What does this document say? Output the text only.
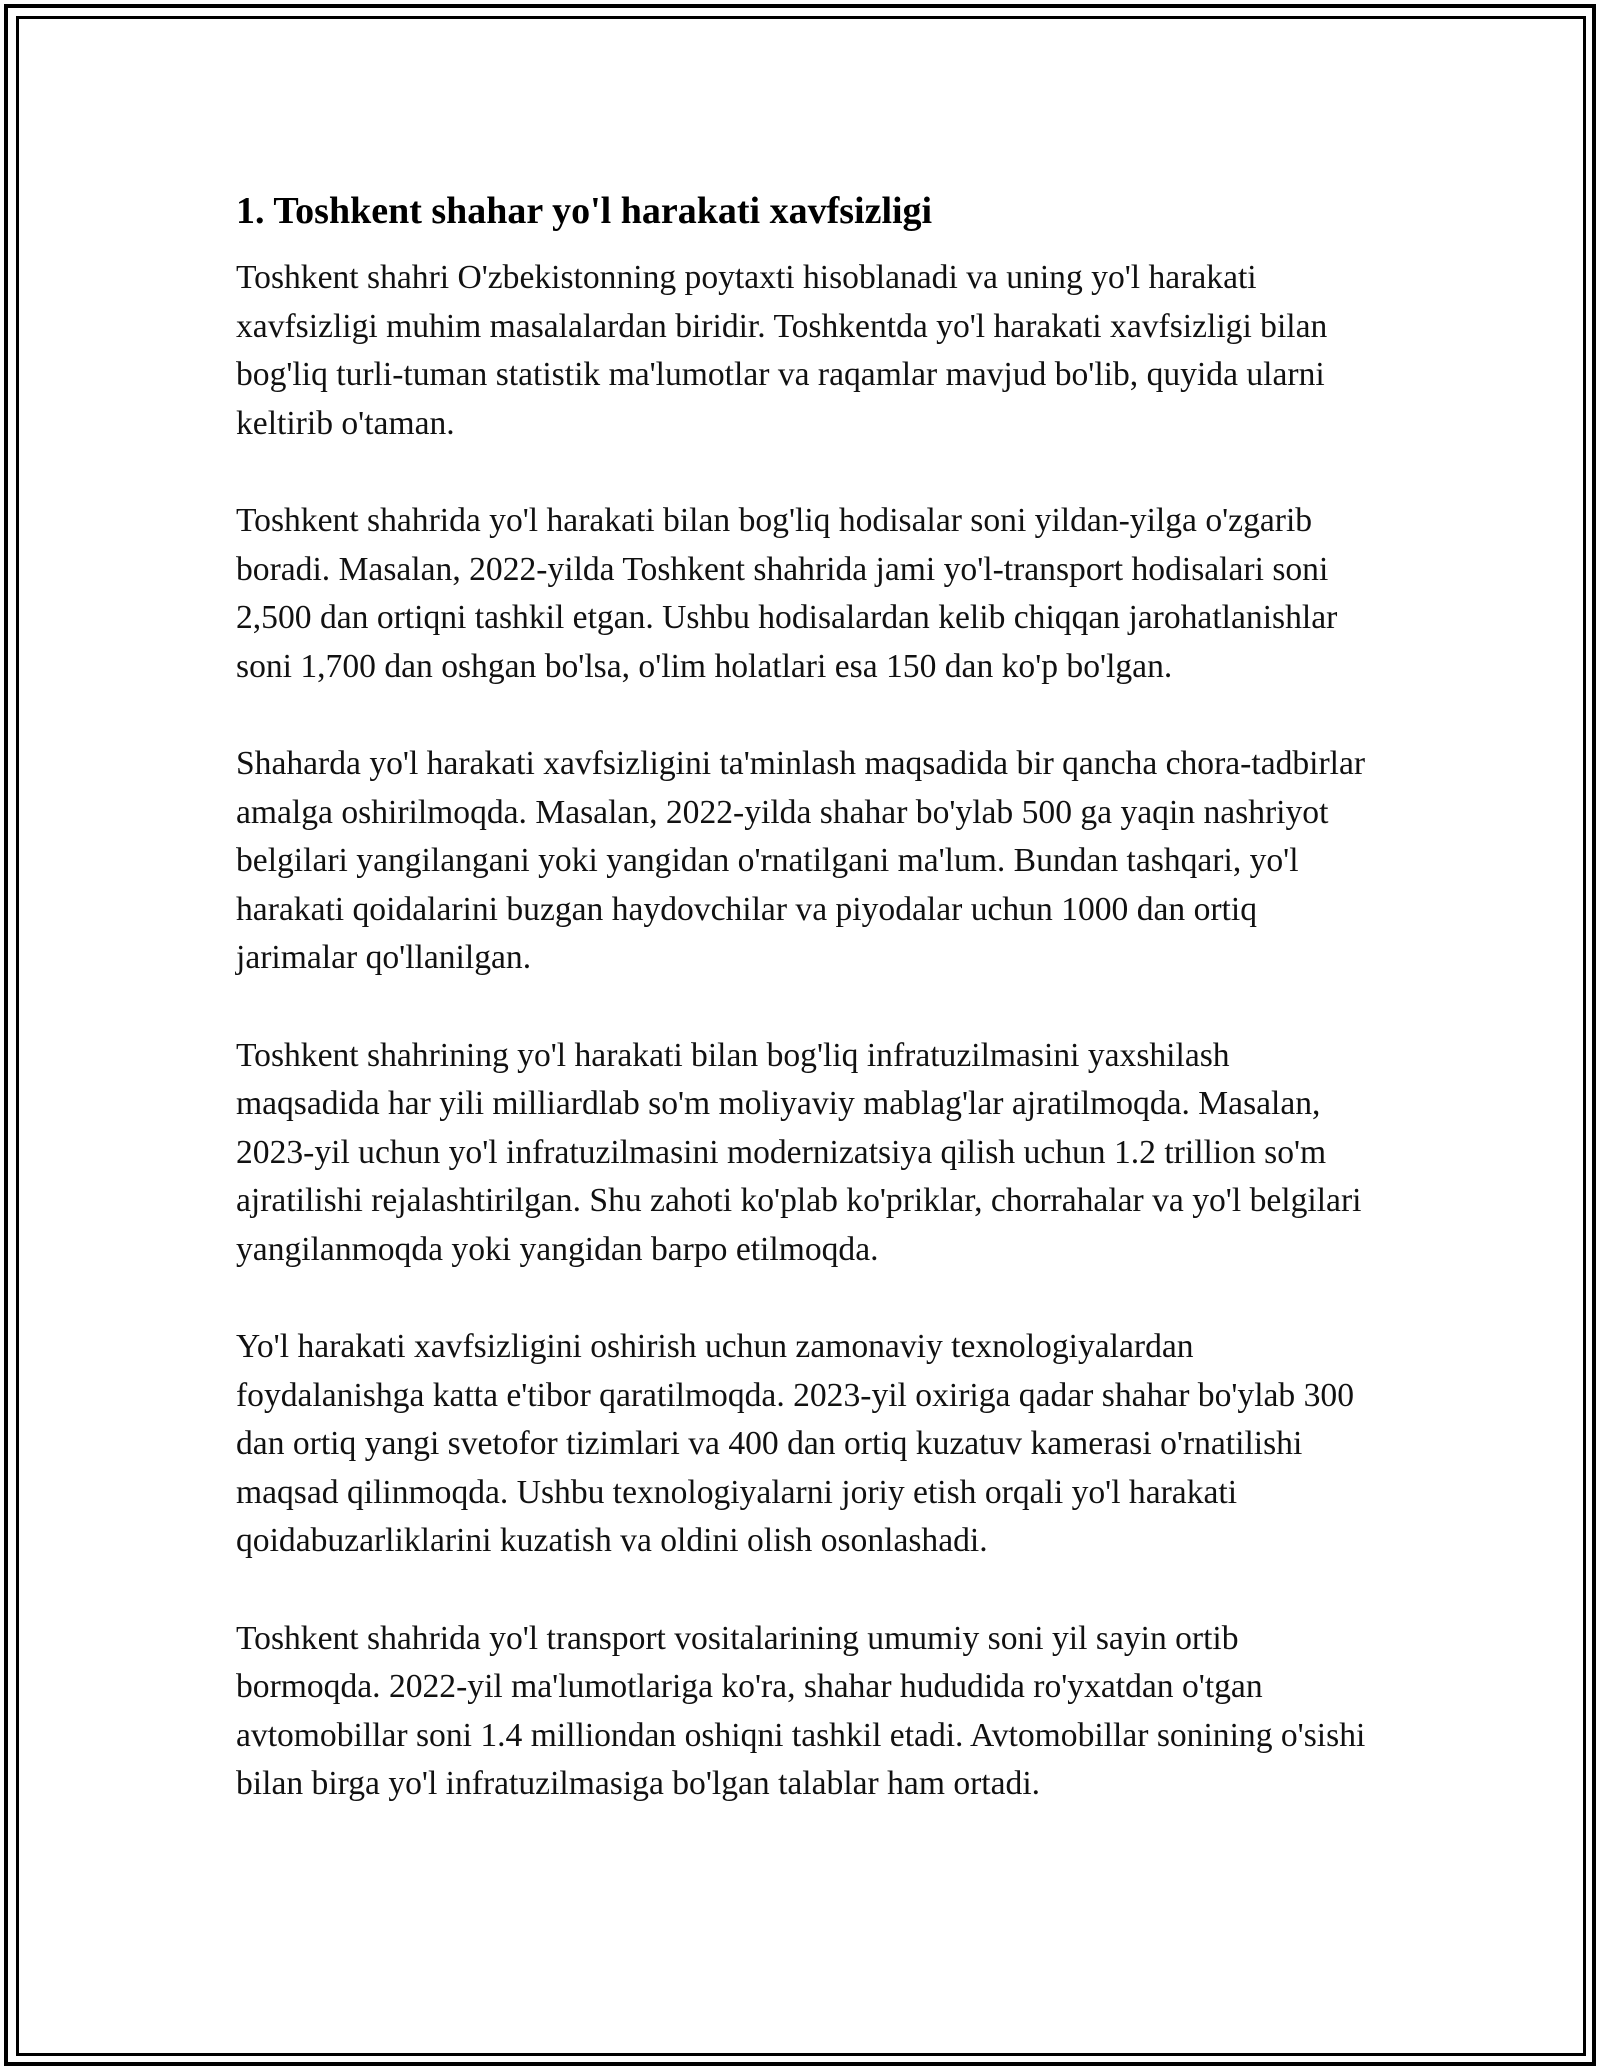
1. Toshkent shahar yo'l harakati xavfsizligi

Toshkent shahri O'zbekistonning poytaxti hisoblanadi va uning yo'l harakati xavfsizligi muhim masalalardan biridir. Toshkentda yo'l harakati xavfsizligi bilan bog'liq turli-tuman statistik ma'lumotlar va raqamlar mavjud bo'lib, quyida ularni keltirib o'taman.

Toshkent shahrida yo'l harakati bilan bog'liq hodisalar soni yildan-yilga o'zgarib boradi. Masalan, 2022-yilda Toshkent shahrida jami yo'l-transport hodisalari soni 2,500 dan ortiqni tashkil etgan. Ushbu hodisalardan kelib chiqqan jarohatlanishlar soni 1,700 dan oshgan bo'lsa, o'lim holatlari esa 150 dan ko'p bo'lgan.

Shaharda yo'l harakati xavfsizligini ta'minlash maqsadida bir qancha chora-tadbirlar amalga oshirilmoqda. Masalan, 2022-yilda shahar bo'ylab 500 ga yaqin nashriyot belgilari yangilangani yoki yangidan o'rnatilgani ma'lum. Bundan tashqari, yo'l harakati qoidalarini buzgan haydovchilar va piyodalar uchun 1000 dan ortiq jarimalar qo'llanilgan.

Toshkent shahrining yo'l harakati bilan bog'liq infratuzilmasini yaxshilash maqsadida har yili milliardlab so'm moliyaviy mablag'lar ajratilmoqda. Masalan, 2023-yil uchun yo'l infratuzilmasini modernizatsiya qilish uchun 1.2 trillion so'm ajratilishi rejalashtirilgan. Shu zahoti ko'plab ko'priklar, chorrahalar va yo'l belgilari yangilanmoqda yoki yangidan barpo etilmoqda.

Yo'l harakati xavfsizligini oshirish uchun zamonaviy texnologiyalardan foydalanishga katta e'tibor qaratilmoqda. 2023-yil oxiriga qadar shahar bo'ylab 300 dan ortiq yangi svetofor tizimlari va 400 dan ortiq kuzatuv kamerasi o'rnatilishi maqsad qilinmoqda. Ushbu texnologiyalarni joriy etish orqali yo'l harakati qoidabuzarliklarini kuzatish va oldini olish osonlashadi.

Toshkent shahrida yo'l transport vositalarining umumiy soni yil sayin ortib bormoqda. 2022-yil ma'lumotlariga ko'ra, shahar hududida ro'yxatdan o'tgan avtomobillar soni 1.4 milliondan oshiqni tashkil etadi. Avtomobillar sonining o'sishi bilan birga yo'l infratuzilmasiga bo'lgan talablar ham ortadi.
